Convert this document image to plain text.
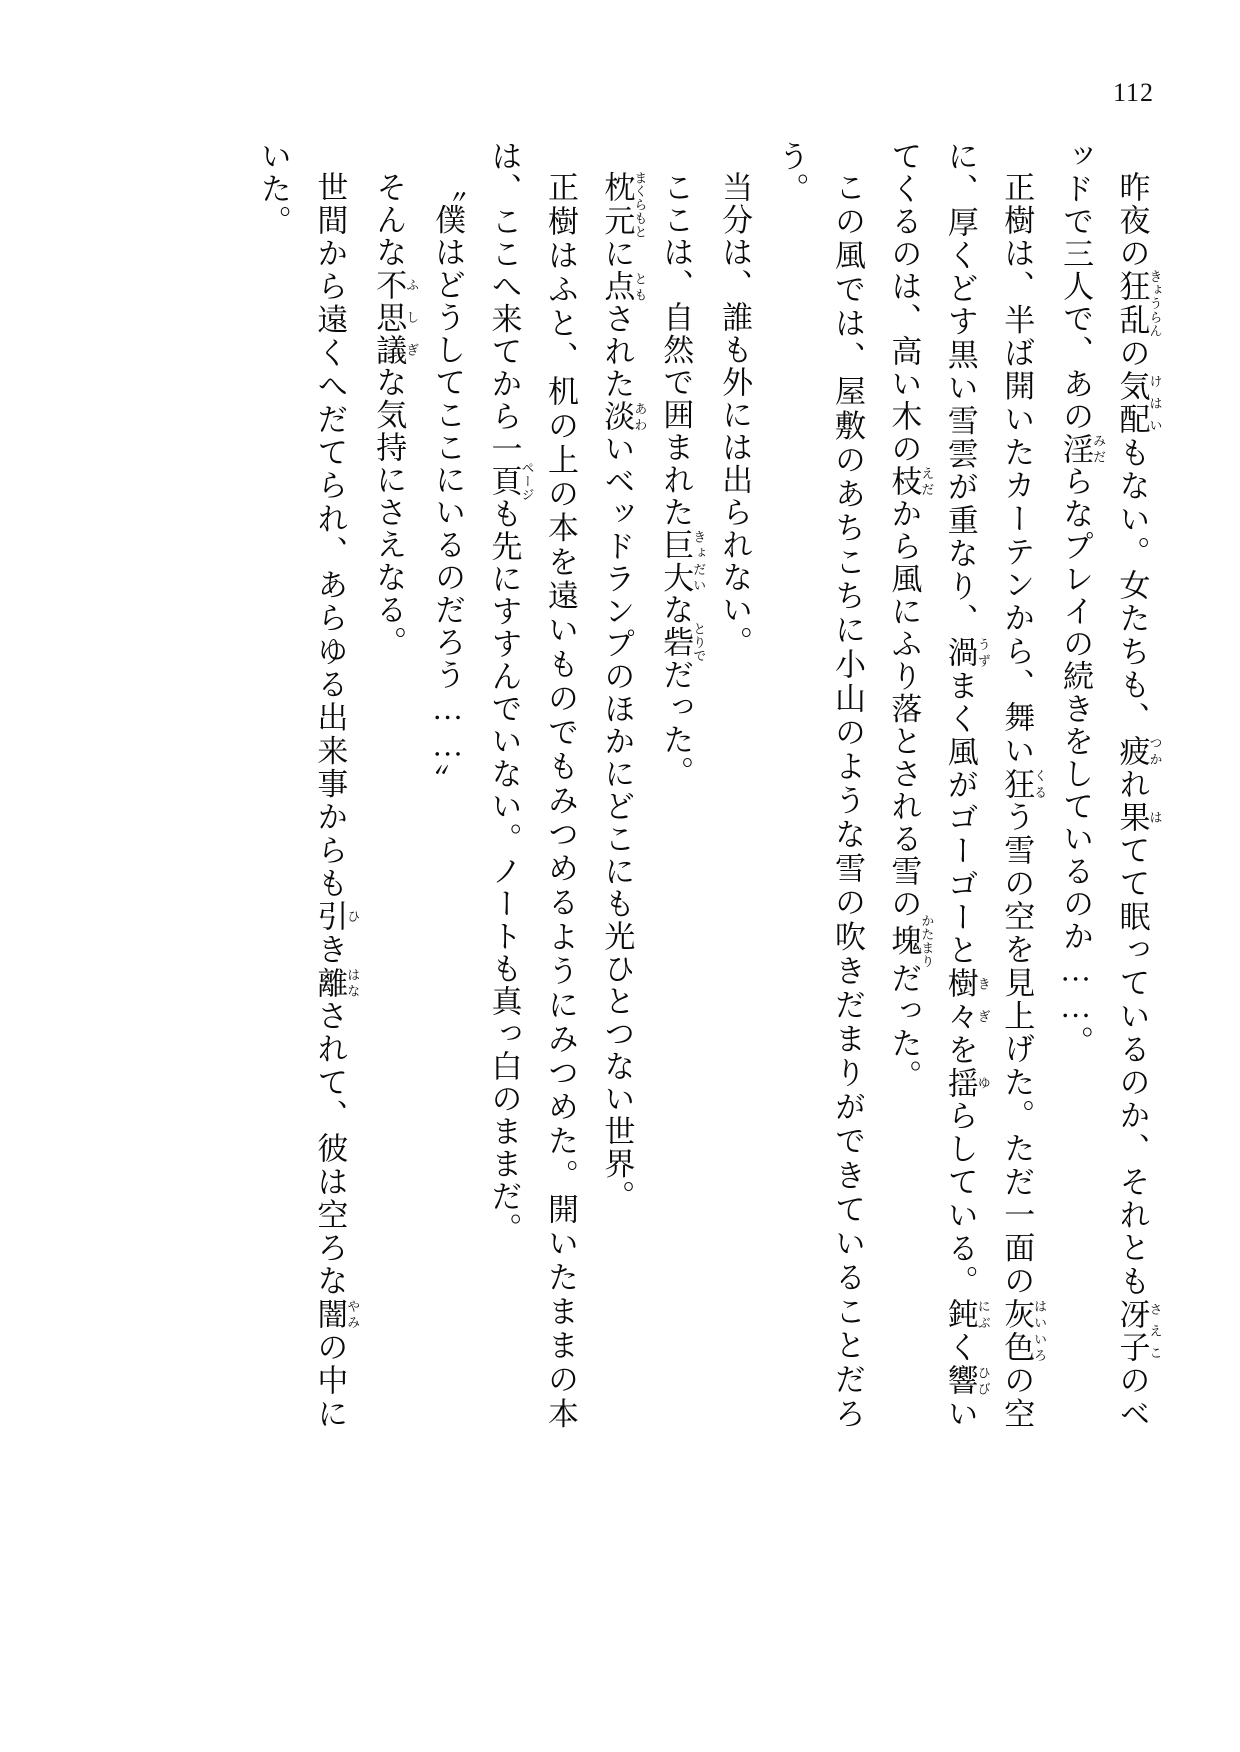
112

昨夜の狂乱きょうらんの気配けはいもない。女たちも、疲つかれ果はてて眠っているのか、それとも冴子さえこのベッドで三人で、あの淫みだらなプレイの続きをしているのか……。

正樹は、半ば開いたカーテンから、舞い狂くるう雪の空を見上げた。ただ一面の灰色はいいろの空に、厚くどす黒い雪雲が重なり、渦うずまく風がゴーゴーと樹々きぎを揺ゆらしている。鈍にぶく響ひびいてくるのは、高い木の枝えだから風にふり落とされる雪の塊かたまりだった。

この風では、屋敷のあちこちに小山のような雪の吹きだまりができていることだろう。

当分は、誰も外には出られない。

ここは、自然で囲まれた巨大きょだいな砦とりでだった。

枕元まくらもとに点ともされた淡あわいベッドランプのほかにどこにも光ひとつない世界。

正樹はふと、机の上の本を遠いものでもみつめるようにみつめた。開いたままの本は、ここへ来てから一頁ページも先にすすんでいない。ノートも真っ白のままだ。

〝僕はどうしてここにいるのだろう……〟

そんな不思議ふしぎな気持にさえなる。

世間から遠くへだてられ、あらゆる出来事からも引ひき離はなされて、彼は空ろな闇やみの中にいた。
